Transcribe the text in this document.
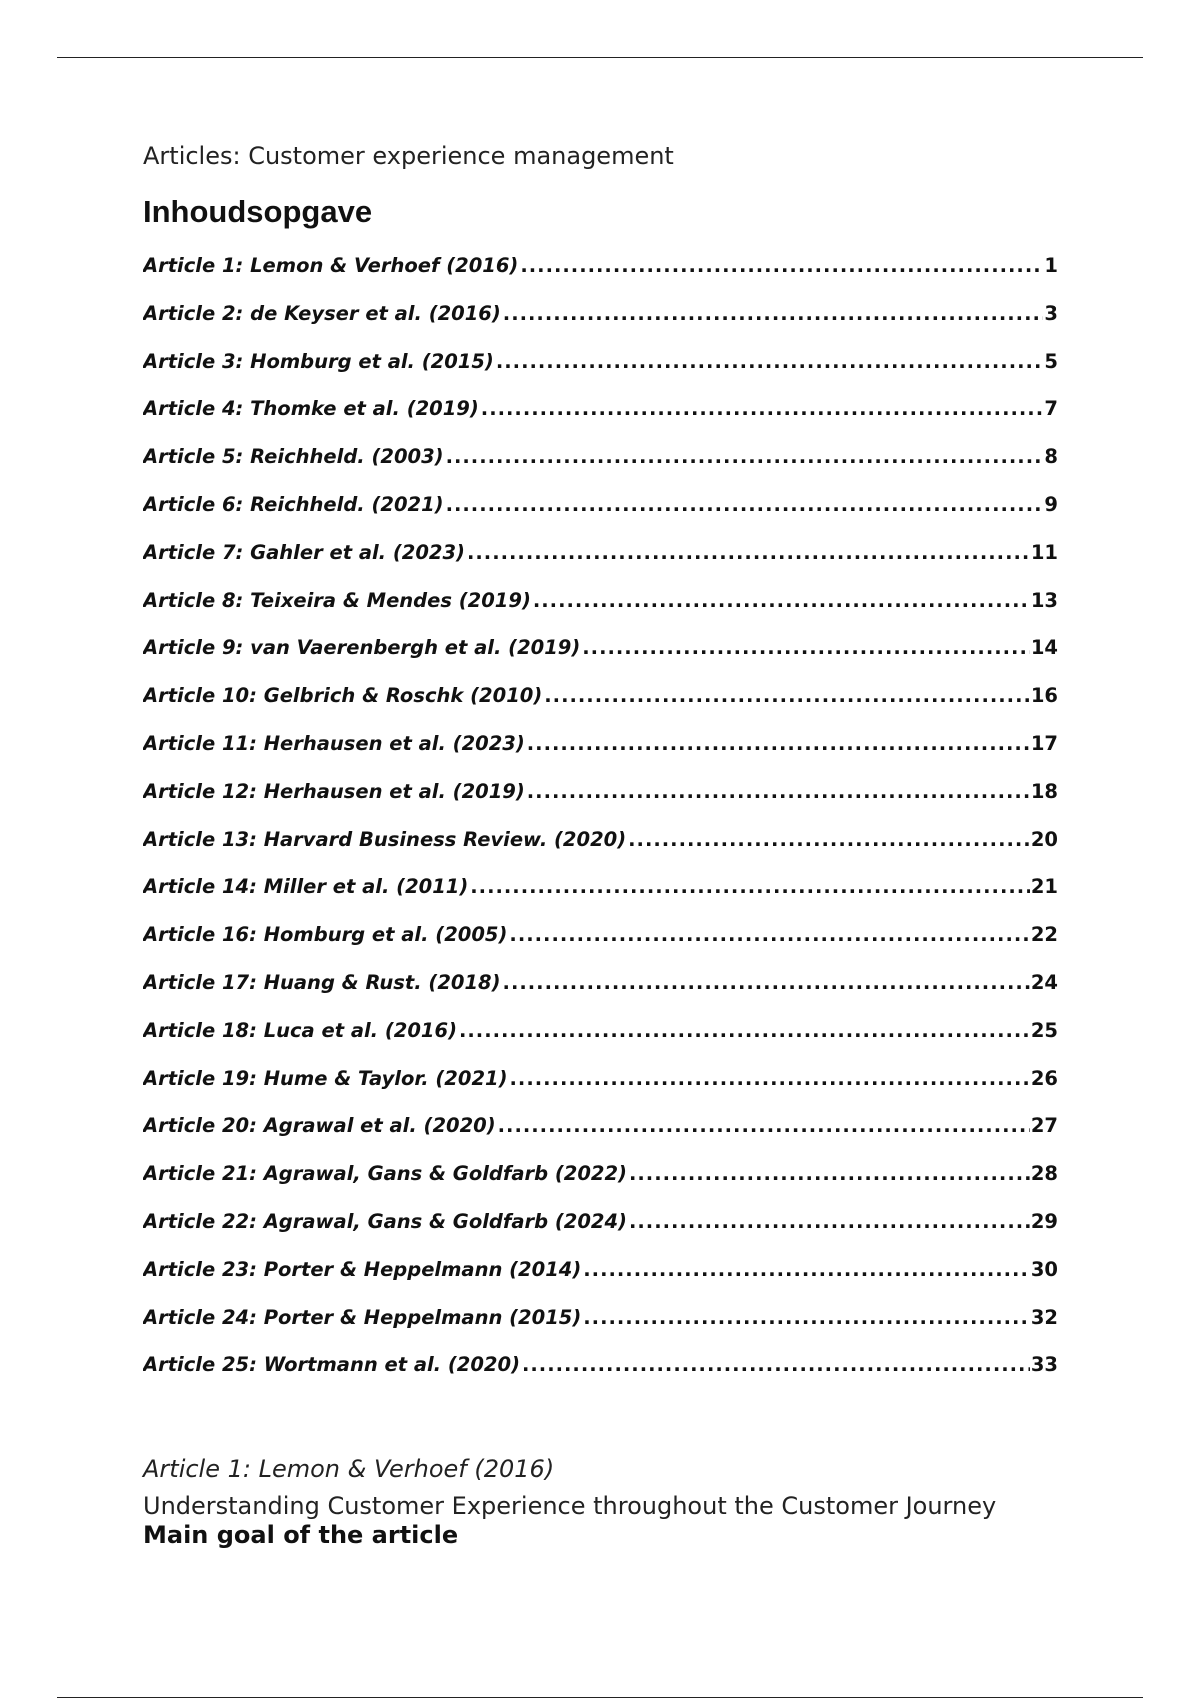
Articles: Customer experience management
Inhoudsopgave
Article 1: Lemon & Verhoef (2016) .....	1
Article 2: de Keyser et al. (2016) .....	3
Article 3: Homburg et al. (2015) .....	5
Article 4: Thomke et al. (2019) .....	7
Article 5: Reichheld. (2003) .....	8
Article 6: Reichheld. (2021) .....	9
Article 7: Gahler et al. (2023) .....	11
Article 8: Teixeira & Mendes (2019) .....	13
Article 9: van Vaerenbergh et al. (2019) .....	14
Article 10: Gelbrich & Roschk (2010) .....	16
Article 11: Herhausen et al. (2023) .....	17
Article 12: Herhausen et al. (2019) .....	18
Article 13: Harvard Business Review. (2020) .....	20
Article 14: Miller et al. (2011) .....	21
Article 16: Homburg et al. (2005) .....	22
Article 17: Huang & Rust. (2018) .....	24
Article 18: Luca et al. (2016) .....	25
Article 19: Hume & Taylor. (2021) .....	26
Article 20: Agrawal et al. (2020) .....	27
Article 21: Agrawal, Gans & Goldfarb (2022) .....	28
Article 22: Agrawal, Gans & Goldfarb (2024) .....	29
Article 23: Porter & Heppelmann (2014) .....	30
Article 24: Porter & Heppelmann (2015) .....	32
Article 25: Wortmann et al. (2020) .....	33
Article 1: Lemon & Verhoef (2016)
Understanding Customer Experience throughout the Customer Journey
Main goal of the article
